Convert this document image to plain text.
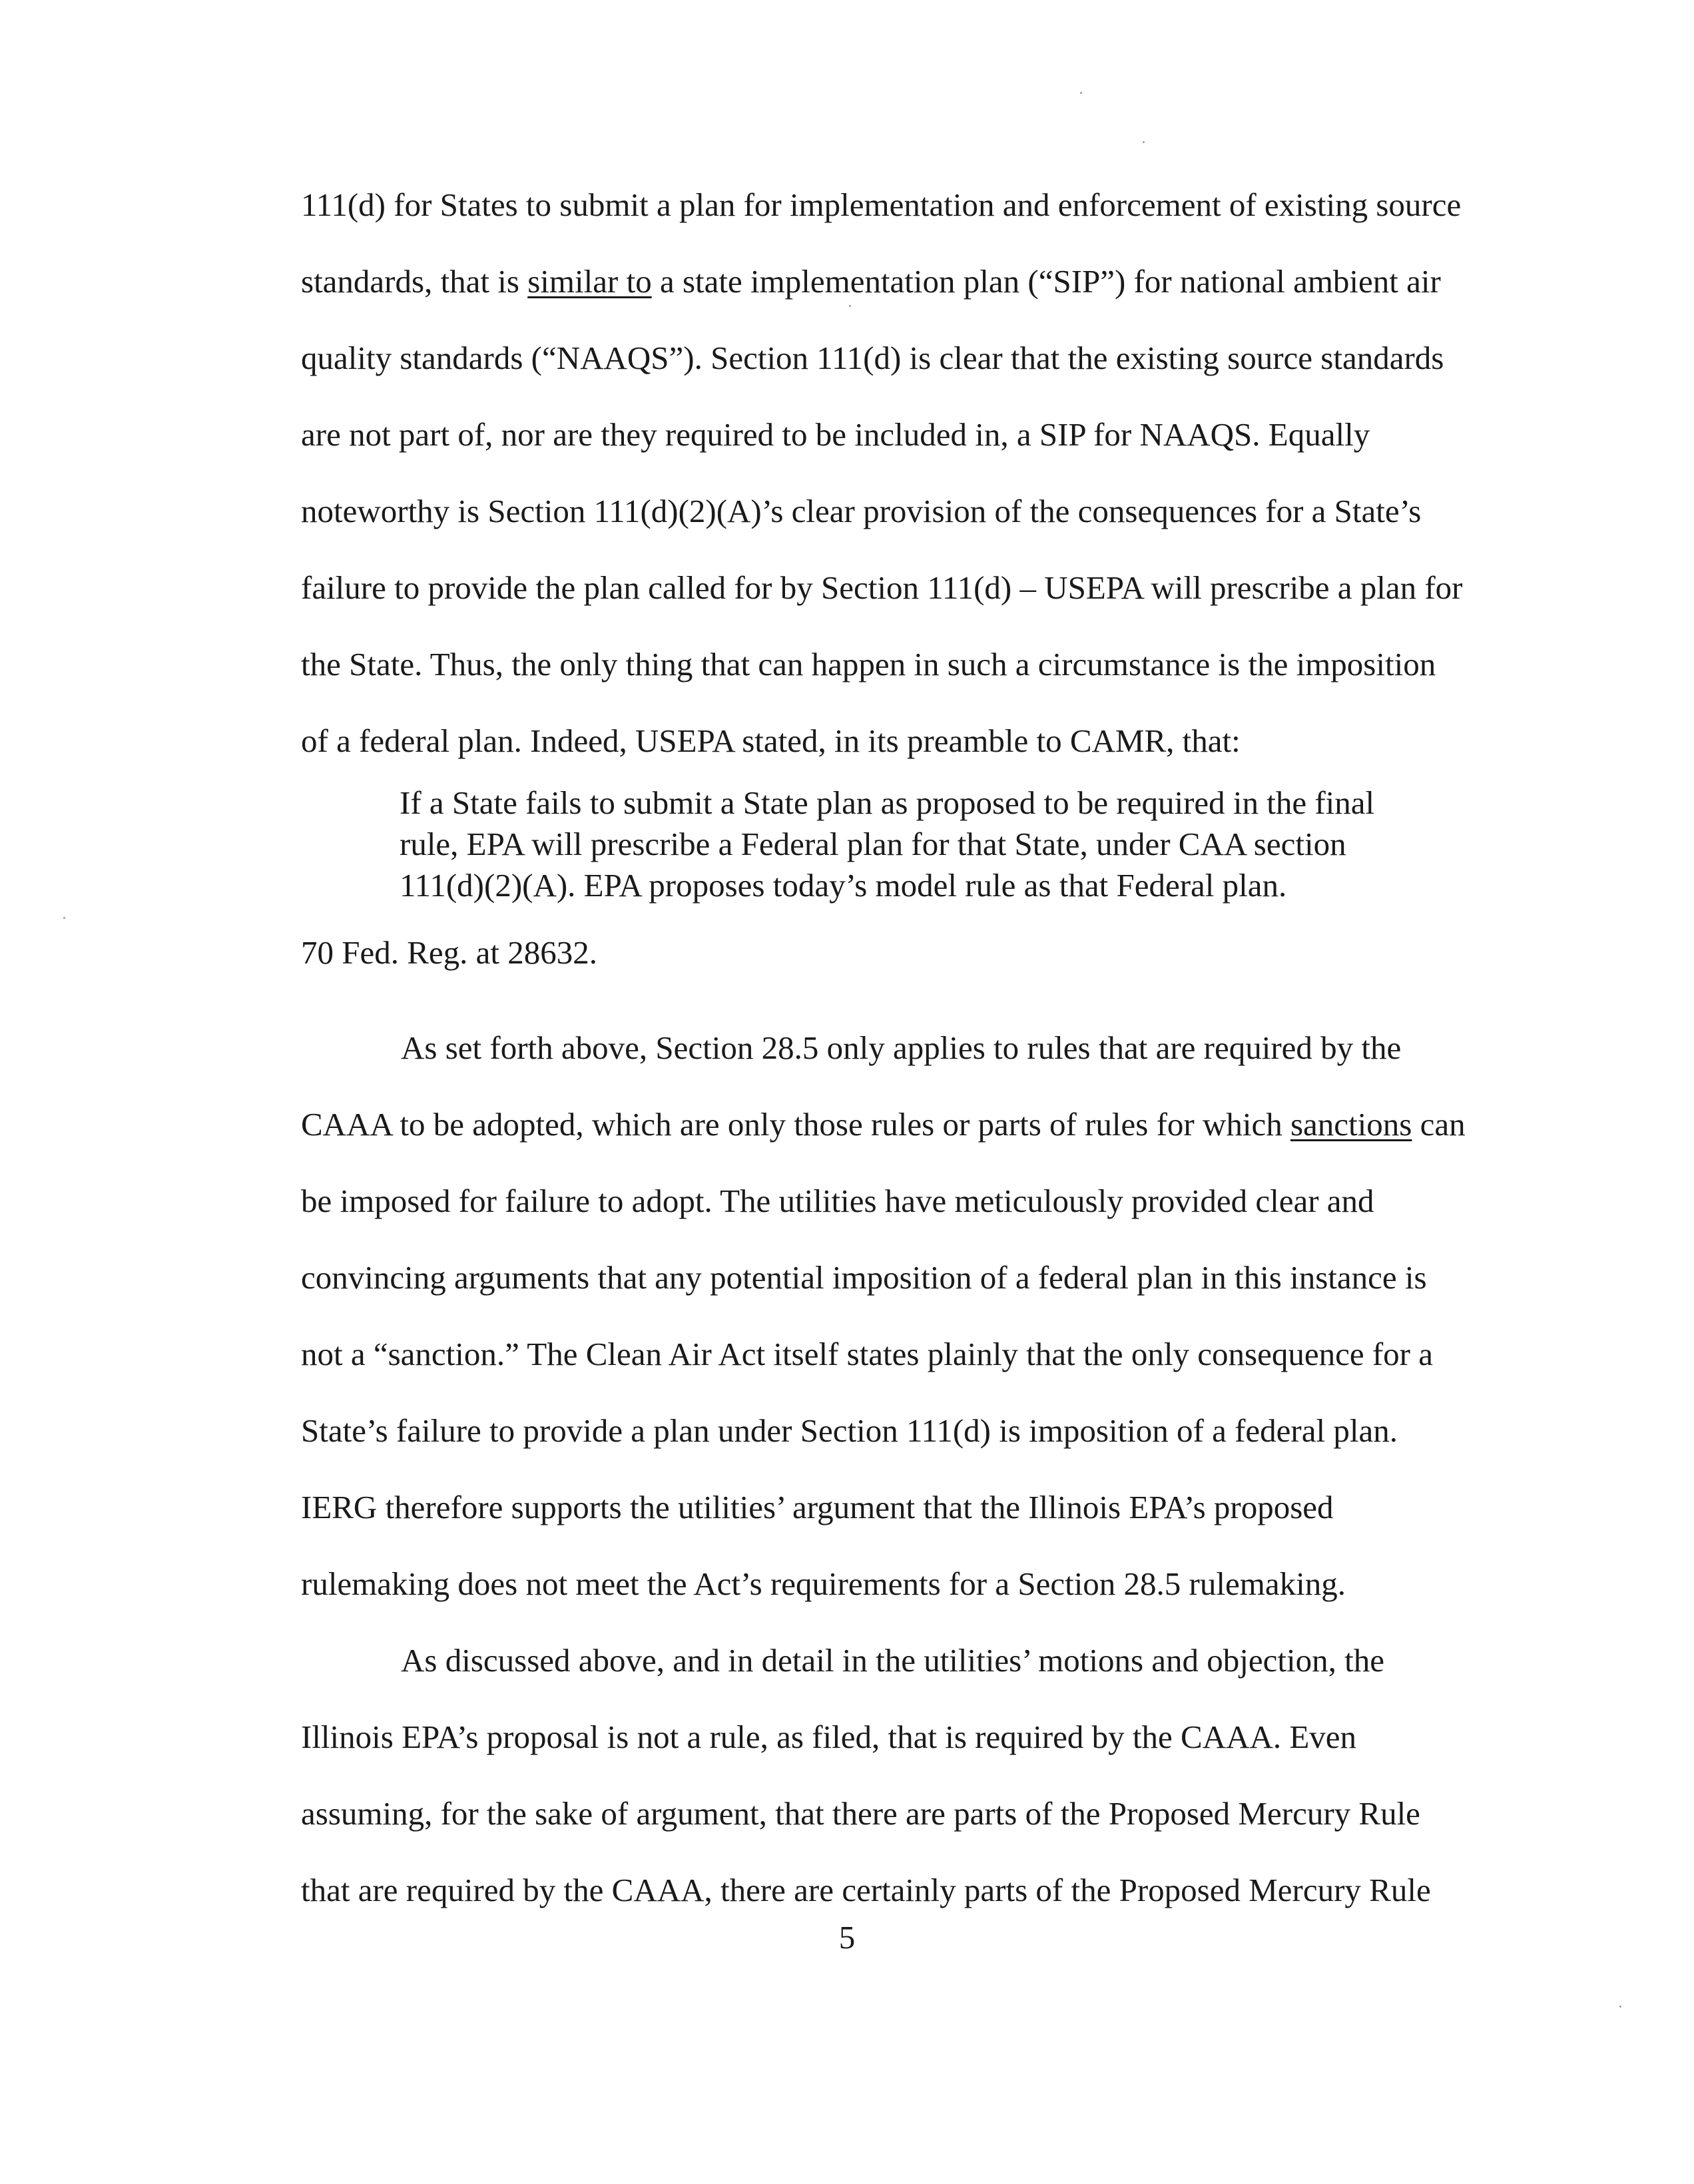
111(d) for States to submit a plan for implementation and enforcement of existing source
standards, that is similar to a state implementation plan (“SIP”) for national ambient air
quality standards (“NAAQS”). Section 111(d) is clear that the existing source standards
are not part of, nor are they required to be included in, a SIP for NAAQS. Equally
noteworthy is Section 111(d)(2)(A)’s clear provision of the consequences for a State’s
failure to provide the plan called for by Section 111(d) – USEPA will prescribe a plan for
the State. Thus, the only thing that can happen in such a circumstance is the imposition
of a federal plan. Indeed, USEPA stated, in its preamble to CAMR, that:
If a State fails to submit a State plan as proposed to be required in the final
rule, EPA will prescribe a Federal plan for that State, under CAA section
111(d)(2)(A). EPA proposes today’s model rule as that Federal plan.
70 Fed. Reg. at 28632.
As set forth above, Section 28.5 only applies to rules that are required by the
CAAA to be adopted, which are only those rules or parts of rules for which sanctions can
be imposed for failure to adopt. The utilities have meticulously provided clear and
convincing arguments that any potential imposition of a federal plan in this instance is
not a “sanction.” The Clean Air Act itself states plainly that the only consequence for a
State’s failure to provide a plan under Section 111(d) is imposition of a federal plan.
IERG therefore supports the utilities’ argument that the Illinois EPA’s proposed
rulemaking does not meet the Act’s requirements for a Section 28.5 rulemaking.
As discussed above, and in detail in the utilities’ motions and objection, the
Illinois EPA’s proposal is not a rule, as filed, that is required by the CAAA. Even
assuming, for the sake of argument, that there are parts of the Proposed Mercury Rule
that are required by the CAAA, there are certainly parts of the Proposed Mercury Rule
5
